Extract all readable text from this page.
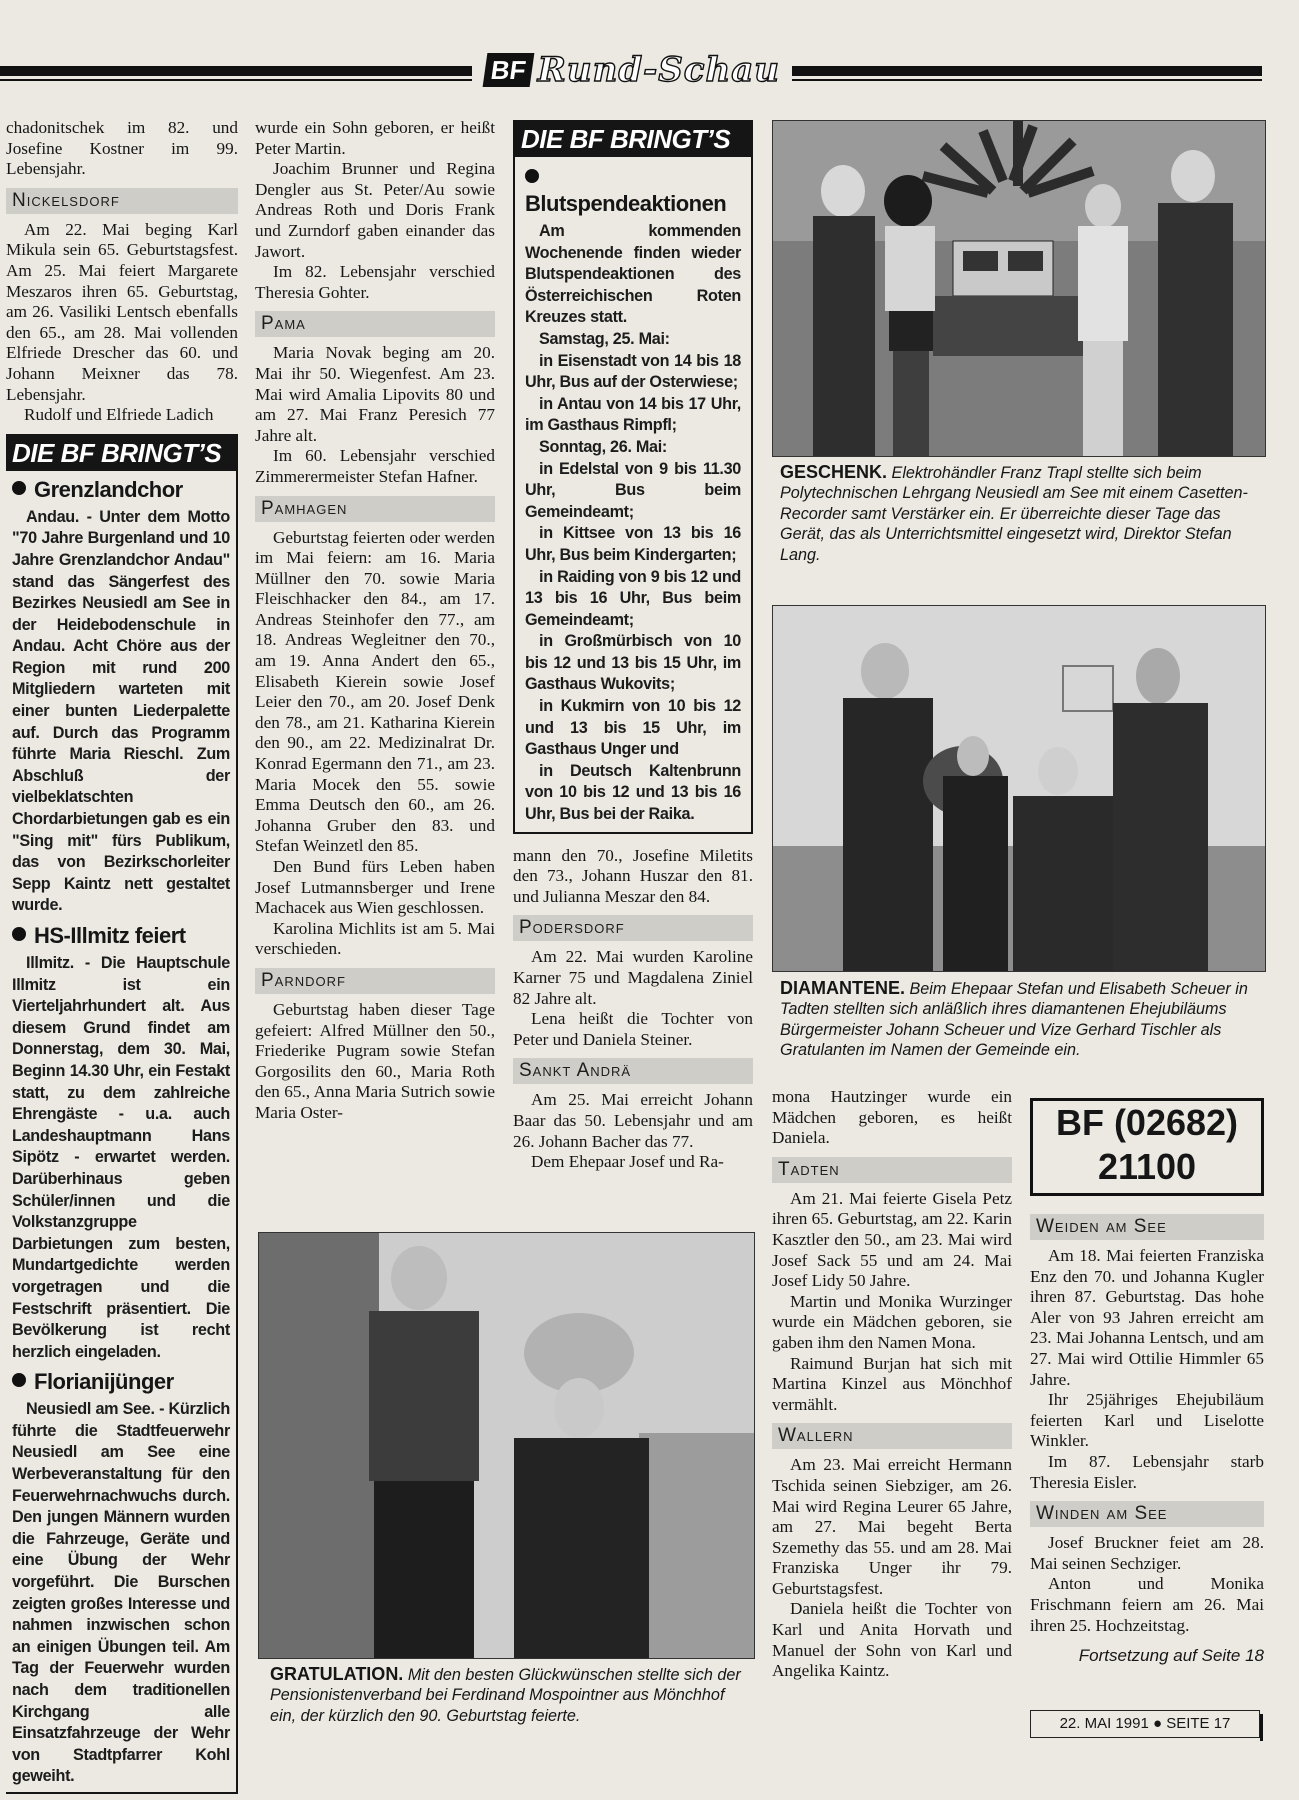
BF Rund-Schau

chadonitschek im 82. und Josefine Kostner im 99. Lebensjahr.

Nickelsdorf

Am 22. Mai beging Karl Mikula sein 65. Geburtstagsfest. Am 25. Mai feiert Margarete Meszaros ihren 65. Geburtstag, am 26. Vasiliki Lentsch ebenfalls den 65., am 28. Mai vollenden Elfriede Drescher das 60. und Johann Meixner das 78. Lebensjahr.

Rudolf und Elfriede Ladich

DIE BF BRINGT’S
Grenzlandchor

Andau. - Unter dem Motto "70 Jahre Burgenland und 10 Jahre Grenzlandchor Andau" stand das Sängerfest des Bezirkes Neusiedl am See in der Heidebodenschule in Andau. Acht Chöre aus der Region mit rund 200 Mitgliedern warteten mit einer bunten Liederpalette auf. Durch das Programm führte Maria Rieschl. Zum Abschluß der vielbeklatschten Chordarbietungen gab es ein "Sing mit" fürs Publikum, das von Bezirkschorleiter Sepp Kaintz nett gestaltet wurde.

HS-Illmitz feiert

Illmitz. - Die Hauptschule Illmitz ist ein Vierteljahrhundert alt. Aus diesem Grund findet am Donnerstag, dem 30. Mai, Beginn 14.30 Uhr, ein Festakt statt, zu dem zahlreiche Ehrengäste - u.a. auch Landeshauptmann Hans Sipötz - erwartet werden. Darüberhinaus geben Schüler/innen und die Volkstanzgruppe Darbietungen zum besten, Mundartgedichte werden vorgetragen und die Festschrift präsentiert. Die Bevölkerung ist recht herzlich eingeladen.

Florianijünger

Neusiedl am See. - Kürzlich führte die Stadtfeuerwehr Neusiedl am See eine Werbeveranstaltung für den Feuerwehrnachwuchs durch. Den jungen Männern wurden die Fahrzeuge, Geräte und eine Übung der Wehr vorgeführt. Die Burschen zeigten großes Interesse und nahmen inzwischen schon an einigen Übungen teil. Am Tag der Feuerwehr wurden nach dem traditionellen Kirchgang alle Einsatzfahrzeuge der Wehr von Stadtpfarrer Kohl geweiht.

wurde ein Sohn geboren, er heißt Peter Martin.

Joachim Brunner und Regina Dengler aus St. Peter/Au sowie Andreas Roth und Doris Frank und Zurndorf gaben einander das Jawort.

Im 82. Lebensjahr verschied Theresia Gohter.

Pama

Maria Novak beging am 20. Mai ihr 50. Wiegenfest. Am 23. Mai wird Amalia Lipovits 80 und am 27. Mai Franz Peresich 77 Jahre alt.

Im 60. Lebensjahr verschied Zimmerermeister Stefan Hafner.

Pamhagen

Geburtstag feierten oder werden im Mai feiern: am 16. Maria Müllner den 70. sowie Maria Fleischhacker den 84., am 17. Andreas Steinhofer den 77., am 18. Andreas Wegleitner den 70., am 19. Anna Andert den 65., Elisabeth Kierein sowie Josef Leier den 70., am 20. Josef Denk den 78., am 21. Katharina Kierein den 90., am 22. Medizinalrat Dr. Konrad Egermann den 71., am 23. Maria Mocek den 55. sowie Emma Deutsch den 60., am 26. Johanna Gruber den 83. und Stefan Weinzetl den 85.

Den Bund fürs Leben haben Josef Lutmannsberger und Irene Machacek aus Wien geschlossen.

Karolina Michlits ist am 5. Mai verschieden.

Parndorf

Geburtstag haben dieser Tage gefeiert: Alfred Müllner den 50., Friederike Pugram sowie Stefan Gorgosilits den 60., Maria Roth den 65., Anna Maria Sutrich sowie Maria Oster-

DIE BF BRINGT’S
Blutspendeaktionen

Am kommenden Wochenende finden wieder Blutspendeaktionen des Österreichischen Roten Kreuzes statt.

Samstag, 25. Mai:

in Eisenstadt von 14 bis 18 Uhr, Bus auf der Osterwiese;

in Antau von 14 bis 17 Uhr, im Gasthaus Rimpfl;

Sonntag, 26. Mai:

in Edelstal von 9 bis 11.30 Uhr, Bus beim Gemeindeamt;

in Kittsee von 13 bis 16 Uhr, Bus beim Kindergarten;

in Raiding von 9 bis 12 und 13 bis 16 Uhr, Bus beim Gemeindeamt;

in Großmürbisch von 10 bis 12 und 13 bis 15 Uhr, im Gasthaus Wukovits;

in Kukmirn von 10 bis 12 und 13 bis 15 Uhr, im Gasthaus Unger und

in Deutsch Kaltenbrunn von 10 bis 12 und 13 bis 16 Uhr, Bus bei der Raika.

mann den 70., Josefine Miletits den 73., Johann Huszar den 81. und Julianna Meszar den 84.

Podersdorf

Am 22. Mai wurden Karoline Karner 75 und Magdalena Ziniel 82 Jahre alt.

Lena heißt die Tochter von Peter und Daniela Steiner.

Sankt Andrä

Am 25. Mai erreicht Johann Baar das 50. Lebensjahr und am 26. Johann Bacher das 77.

Dem Ehepaar Josef und Ra-

GESCHENK. Elektrohändler Franz Trapl stellte sich beim Polytechnischen Lehrgang Neusiedl am See mit einem Casetten-Recorder samt Verstärker ein. Er überreichte dieser Tage das Gerät, das als Unterrichtsmittel eingesetzt wird, Direktor Stefan Lang.
DIAMANTENE. Beim Ehepaar Stefan und Elisabeth Scheuer in Tadten stellten sich anläßlich ihres diamantenen Ehejubiläums Bürgermeister Johann Scheuer und Vize Gerhard Tischler als Gratulanten im Namen der Gemeinde ein.
GRATULATION. Mit den besten Glückwünschen stellte sich der Pensionistenverband bei Ferdinand Mospointner aus Mönchhof ein, der kürzlich den 90. Geburtstag feierte.

mona Hautzinger wurde ein Mädchen geboren, es heißt Daniela.

Tadten

Am 21. Mai feierte Gisela Petz ihren 65. Geburtstag, am 22. Karin Kasztler den 50., am 23. Mai wird Josef Sack 55 und am 24. Mai Josef Lidy 50 Jahre.

Martin und Monika Wurzinger wurde ein Mädchen geboren, sie gaben ihm den Namen Mona.

Raimund Burjan hat sich mit Martina Kinzel aus Mönchhof vermählt.

Wallern

Am 23. Mai erreicht Hermann Tschida seinen Siebziger, am 26. Mai wird Regina Leurer 65 Jahre, am 27. Mai begeht Berta Szemethy das 55. und am 28. Mai Franziska Unger ihr 79. Geburtstagsfest.

Daniela heißt die Tochter von Karl und Anita Horvath und Manuel der Sohn von Karl und Angelika Kaintz.

BF (02682)
21100
Weiden am See

Am 18. Mai feierten Franziska Enz den 70. und Johanna Kugler ihren 87. Geburtstag. Das hohe Aler von 93 Jahren erreicht am 23. Mai Johanna Lentsch, und am 27. Mai wird Ottilie Himmler 65 Jahre.

Ihr 25jähriges Ehejubiläum feierten Karl und Liselotte Winkler.

Im 87. Lebensjahr starb Theresia Eisler.

Winden am See

Josef Bruckner feiet am 28. Mai seinen Sechziger.

Anton und Monika Frischmann feiern am 26. Mai ihren 25. Hochzeitstag.

Fortsetzung auf Seite 18
22. MAI 1991 ● SEITE 17
